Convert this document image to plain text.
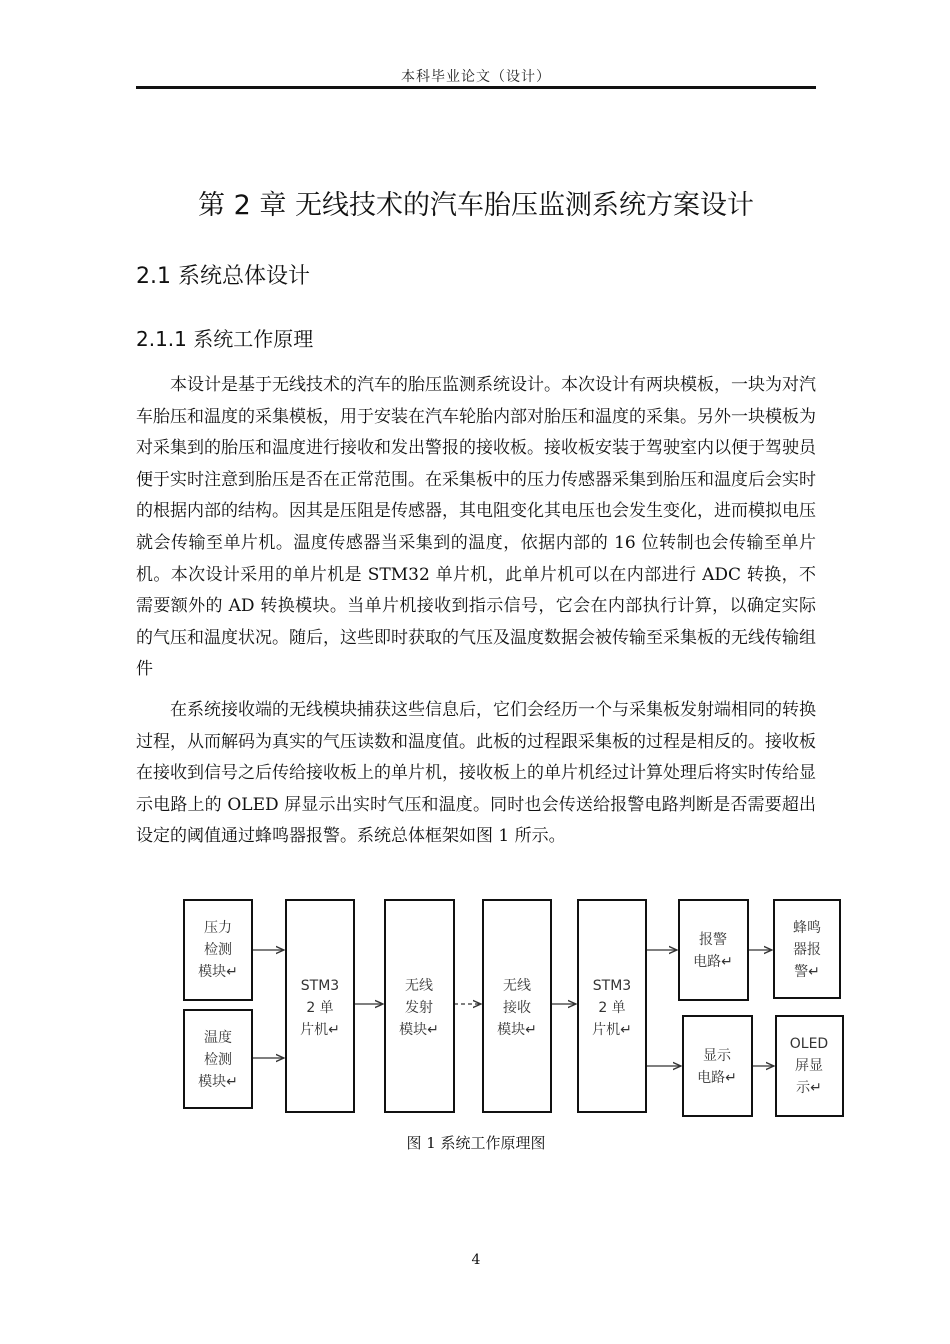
本科毕业论文（设计）
第 2 章 无线技术的汽车胎压监测系统方案设计
2.1 系统总体设计
2.1.1 系统工作原理

本设计是基于无线技术的汽车的胎压监测系统设计。本次设计有两块模板，一块为对汽车胎压和温度的采集模板，用于安装在汽车轮胎内部对胎压和温度的采集。另外一块模板为对采集到的胎压和温度进行接收和发出警报的接收板。接收板安装于驾驶室内以便于驾驶员便于实时注意到胎压是否在正常范围。在采集板中的压力传感器采集到胎压和温度后会实时的根据内部的结构。因其是压阻是传感器，其电阻变化其电压也会发生变化，进而模拟电压就会传输至单片机。温度传感器当采集到的温度，依据内部的 16 位转制也会传输至单片机。本次设计采用的单片机是 STM32 单片机，此单片机可以在内部进行 ADC 转换，不需要额外的 AD 转换模块。当单片机接收到指示信号，它会在内部执行计算，以确定实际的气压和温度状况。随后，这些即时获取的气压及温度数据会被传输至采集板的无线传输组件

在系统接收端的无线模块捕获这些信息后，它们会经历一个与采集板发射端相同的转换过程，从而解码为真实的气压读数和温度值。此板的过程跟采集板的过程是相反的。接收板在接收到信号之后传给接收板上的单片机，接收板上的单片机经过计算处理后将实时传给显示电路上的 OLED 屏显示出实时气压和温度。同时也会传送给报警电路判断是否需要超出设定的阈值通过蜂鸣器报警。系统总体框架如图 1 所示。

压力
检测
模块↵
温度
检测
模块↵
STM3
2 单
片机↵
无线
发射
模块↵
无线
接收
模块↵
STM3
2 单
片机↵
报警
电路↵
显示
电路↵
蜂鸣
器报
警↵
OLED
屏显
示↵
图 1 系统工作原理图
4
